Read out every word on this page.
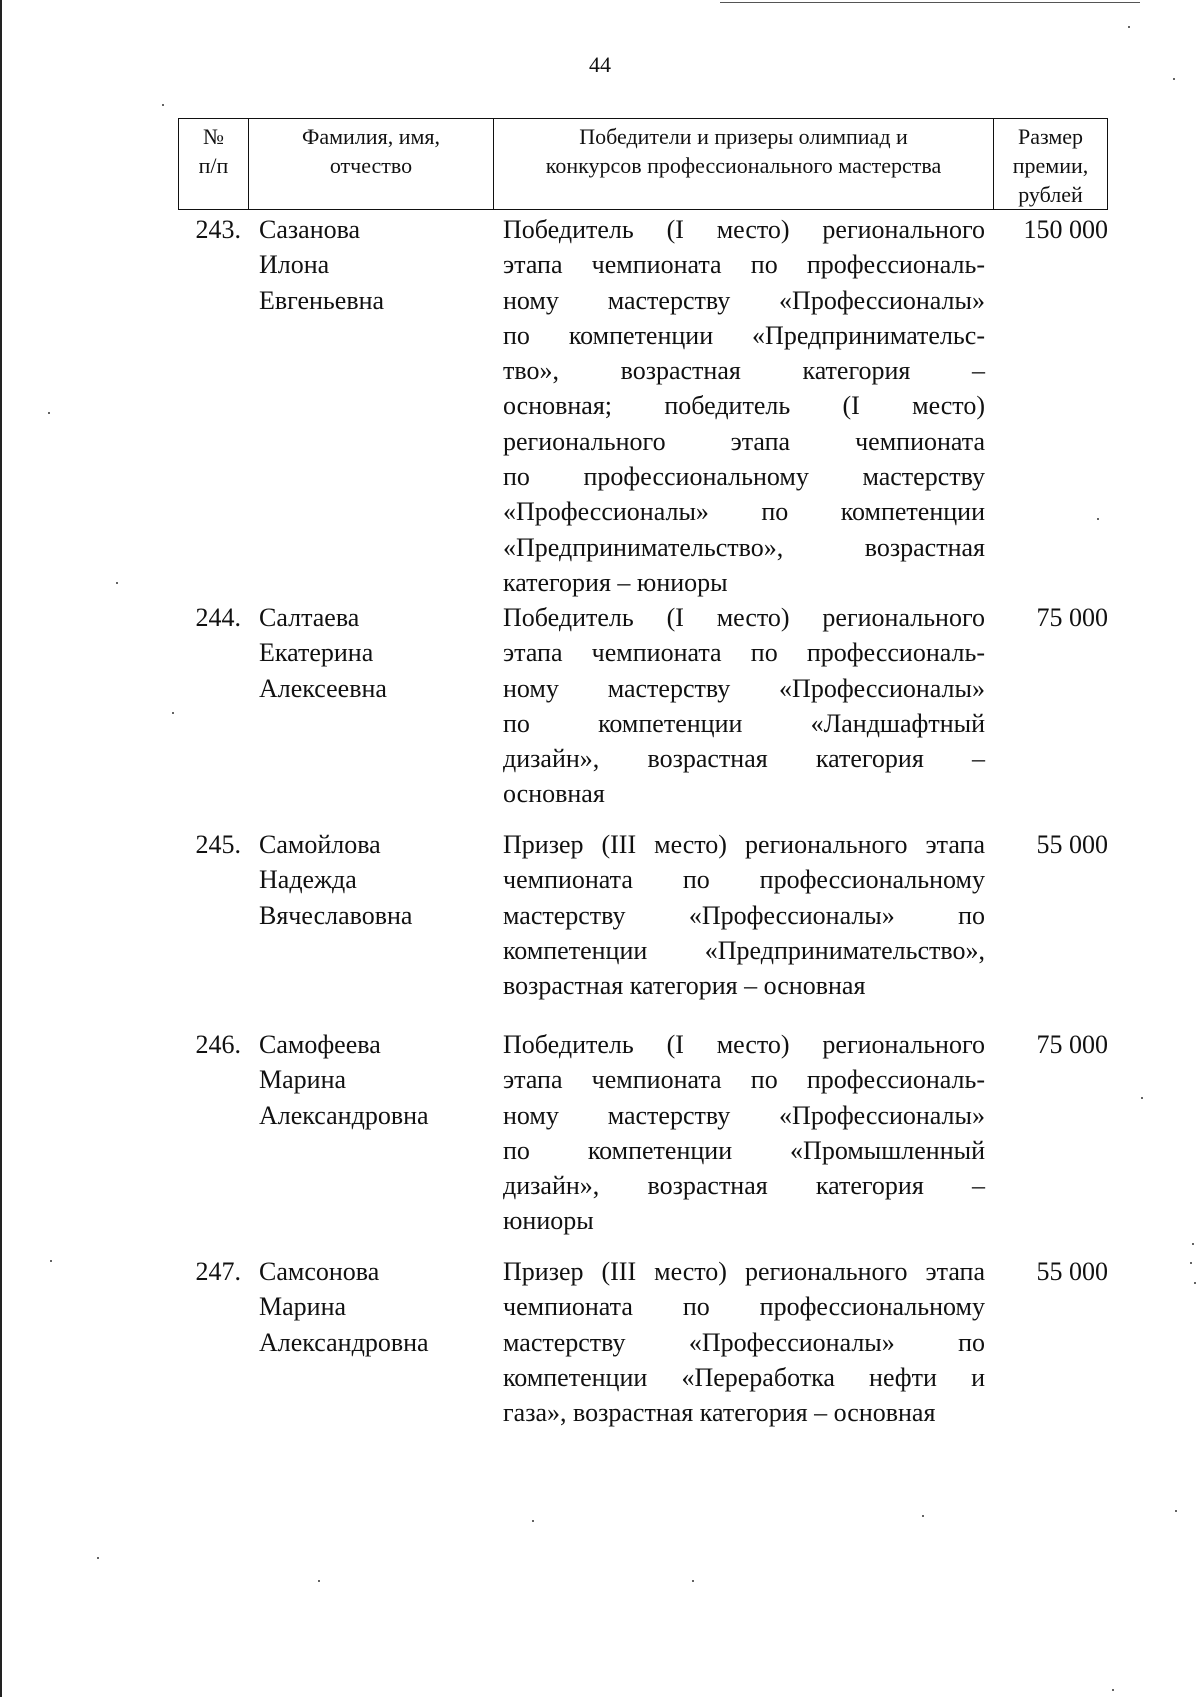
44
№
п/п
Фамилия, имя,
отчество
Победители и призеры олимпиад и
конкурсов профессионального мастерства
Размер
премии,
рублей
243. Сазанова
Илона
Евгеньевна
Победитель (I место) регионального
этапа чемпионата по профессиональ-
ному мастерству «Профессионалы»
по компетенции «Предпринимательс-
тво», возрастная категория –
основная; победитель (I место)
регионального этапа чемпионата
по профессиональному мастерству
«Профессионалы» по компетенции
«Предпринимательство», возрастная
категория – юниоры
150 000
244. Салтаева
Екатерина
Алексеевна
Победитель (I место) регионального
этапа чемпионата по профессиональ-
ному мастерству «Профессионалы»
по компетенции «Ландшафтный
дизайн», возрастная категория –
основная
75 000
245. Самойлова
Надежда
Вячеславовна
Призер (III место) регионального этапа
чемпионата по профессиональному
мастерству «Профессионалы» по
компетенции «Предпринимательство»,
возрастная категория – основная
55 000
246. Самофеева
Марина
Александровна
Победитель (I место) регионального
этапа чемпионата по профессиональ-
ному мастерству «Профессионалы»
по компетенции «Промышленный
дизайн», возрастная категория –
юниоры
75 000
247. Самсонова
Марина
Александровна
Призер (III место) регионального этапа
чемпионата по профессиональному
мастерству «Профессионалы» по
компетенции «Переработка нефти и
газа», возрастная категория – основная
55 000
